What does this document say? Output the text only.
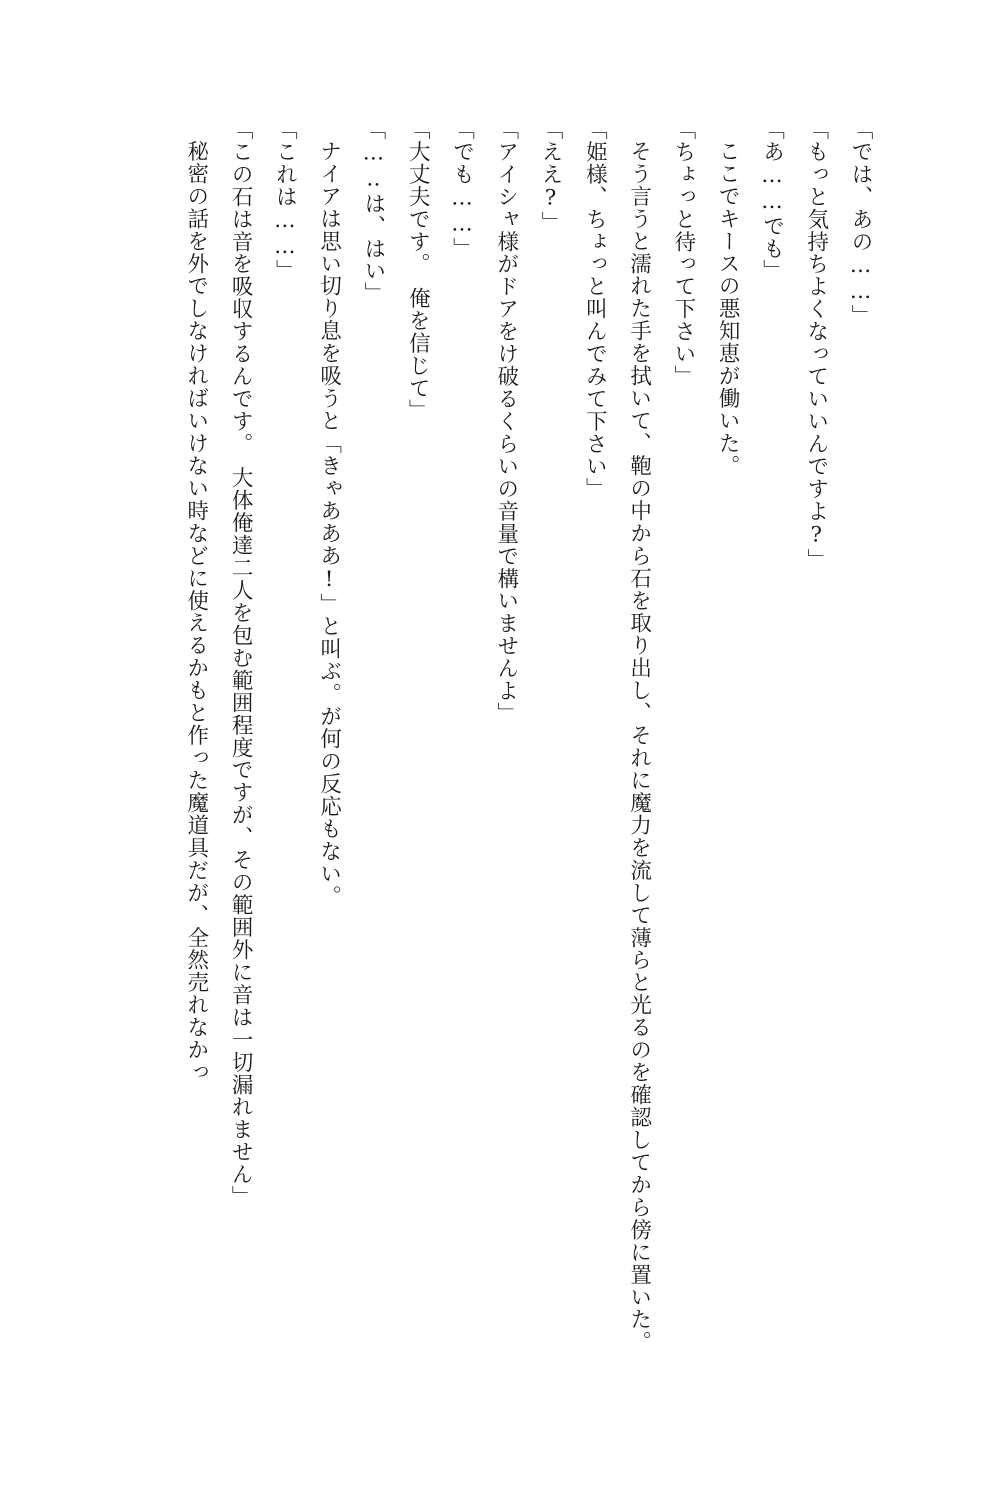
「では、あの……」

「もっと気持ちよくなっていいんですよ?」

「あ……でも」

ここでキースの悪知恵が働いた。

「ちょっと待って下さい」

そう言うと濡れた手を拭いて、鞄の中から石を取り出し、それに魔力を流して薄らと光るのを確認してから傍に置いた。

「姫様、ちょっと叫んでみて下さい」

「ええ?」

「アイシャ様がドアをけ破るくらいの音量で構いませんよ」

「でも……」

「大丈夫です。　俺を信じて」

「…‥は、はい」

ナイアは思い切り息を吸うと「きゃあああ!」と叫ぶ。が何の反応もない。

「これは……」

「この石は音を吸収するんです。　大体俺達二人を包む範囲程度ですが、その範囲外に音は一切漏れません」

秘密の話を外でしなければいけない時などに使えるかもと作った魔道具だが、全然売れなかっ
